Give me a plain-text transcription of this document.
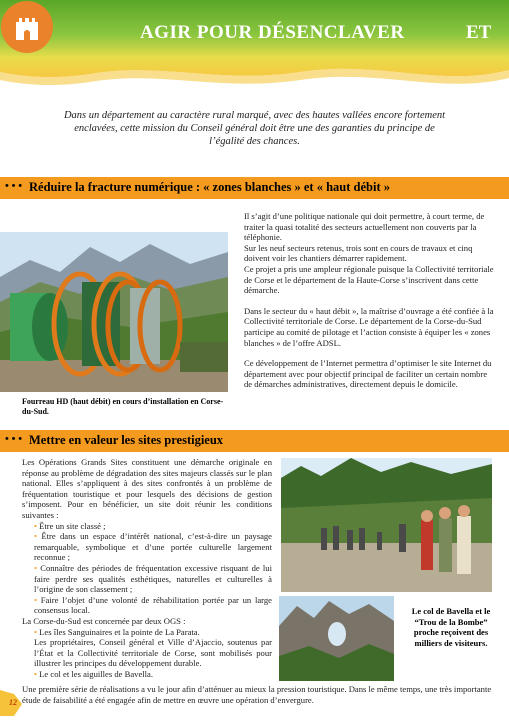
AGIR POUR DÉSENCLAVER	ET
Dans un département au caractère rural marqué, avec des hautes vallées encore fortement enclavées, cette mission du Conseil général doit être une des garanties du principe de l’égalité des chances.
• • • Réduire la fracture numérique : « zones blanches » et « haut débit »
Fourreau HD (haut débit) en cours d’installation en Corse-du-Sud.

Il s’agit d’une politique nationale qui doit permettre, à court terme, de traiter la quasi totalité des secteurs actuellement non couverts par la téléphonie.
Sur les neuf secteurs retenus, trois sont en cours de travaux et cinq doivent voir les chantiers démarrer rapidement.
Ce projet a pris une ampleur régionale puisque la Collectivité territoriale de Corse et le département de la Haute-Corse s’inscrivent dans cette démarche.

Dans le secteur du « haut débit », la maîtrise d’ouvrage a été confiée à la Collectivité territoriale de Corse. Le département de la Corse-du-Sud participe au comité de pilotage et l’action consiste à équiper les « zones blanches » de l’offre ADSL.

Ce développement de l’Internet permettra d’optimiser le site Internet du département avec pour objectif principal de faciliter un certain nombre de démarches administratives, directement depuis le domicile.

• • • Mettre en valeur les sites prestigieux
Les Opérations Grands Sites constituent une démarche originale en réponse au problème de dégradation des sites majeurs classés sur le plan national. Elles s’appliquent à des sites confrontés à un problème de fréquentation touristique et pour lesquels des décisions de gestion s’imposent. Pour en bénéficier, un site doit réunir les conditions suivantes :
• Être un site classé ;
• Être dans un espace d’intérêt national, c’est-à-dire un paysage remarquable, symbolique et d’une portée culturelle largement reconnue ;
• Connaître des périodes de fréquentation excessive risquant de lui faire perdre ses qualités esthétiques, naturelles et culturelles à l’origine de son classement ;
• Faire l’objet d’une volonté de réhabilitation portée par un large consensus local.
La Corse-du-Sud est concernée par deux OGS :
• Les îles Sanguinaires et la pointe de La Parata.
Les propriétaires, Conseil général et Ville d’Ajaccio, soutenus par l’État et la Collectivité territoriale de Corse, sont mobilisés pour illustrer les principes du développement durable.
• Le col et les aiguilles de Bavella.
Le col de Bavella et le “Trou de la Bombe” proche reçoivent des milliers de visiteurs.
Une première série de réalisations a vu le jour afin d’atténuer au mieux la pression touristique. Dans le même temps, une très importante étude de faisabilité a été engagée afin de mettre en œuvre une opération d’envergure.
12
